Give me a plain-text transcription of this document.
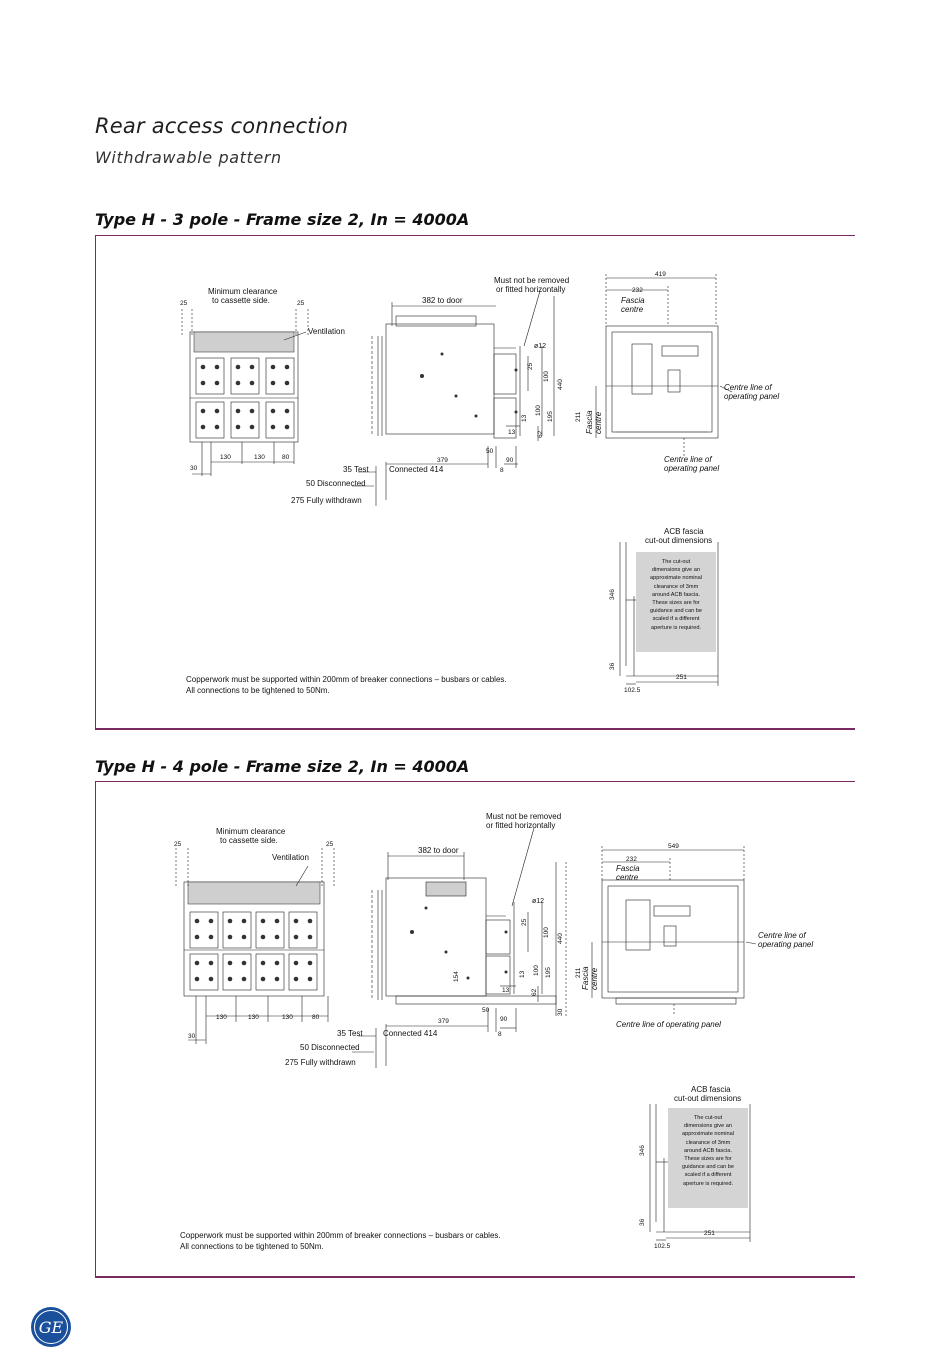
Rear access connection
Withdrawable pattern
Type H - 3 pole - Frame size 2, In = 4000A
Minimum clearance
to cassette side.
Ventilation
Must not be removed
or fitted horizontally
382 to door
ø12
Fascia
centre
Centre line of
operating panel
Centre line of
operating panel
35 Test	Connected 414
50 Disconnected
275 Fully withdrawn
ACB fascia
cut-out dimensions
25	25
30
130	130	80	379
50
90
8
100
440
25
13
100
195
62
13
211
419
232
346
36
102.5
251
Fascia centre
The cut-out
dimensions give an
approximate nominal
clearance of 3mm
around ACB fascia.
These sizes are for
guidance and can be
scaled if a different
aperture is required.
Copperwork must be supported within 200mm of breaker connections – busbars or cables.
All connections to be tightened to 50Nm.
Type H - 4 pole - Frame size 2, In = 4000A
Minimum clearance
to cassette side.
Ventilation
Must not be removed
or fitted horizontally
382 to door
ø12
Fascia
centre
Centre line of
operating panel
Centre line of operating panel
35 Test	Connected 414
50 Disconnected
275 Fully withdrawn
ACB fascia
cut-out dimensions
25	25
30
130	130	130	80
379
50
90
8
30
100
440
25
13 100 195
62
13
154	211
549
232
346
36
102.5
251
Fascia centre
The cut-out
dimensions give an
approximate nominal
clearance of 3mm
around ACB fascia.
These sizes are for
guidance and can be
scaled if a different
aperture is required.
Copperwork must be supported within 200mm of breaker connections – busbars or cables.
All connections to be tightened to 50Nm.
GE
